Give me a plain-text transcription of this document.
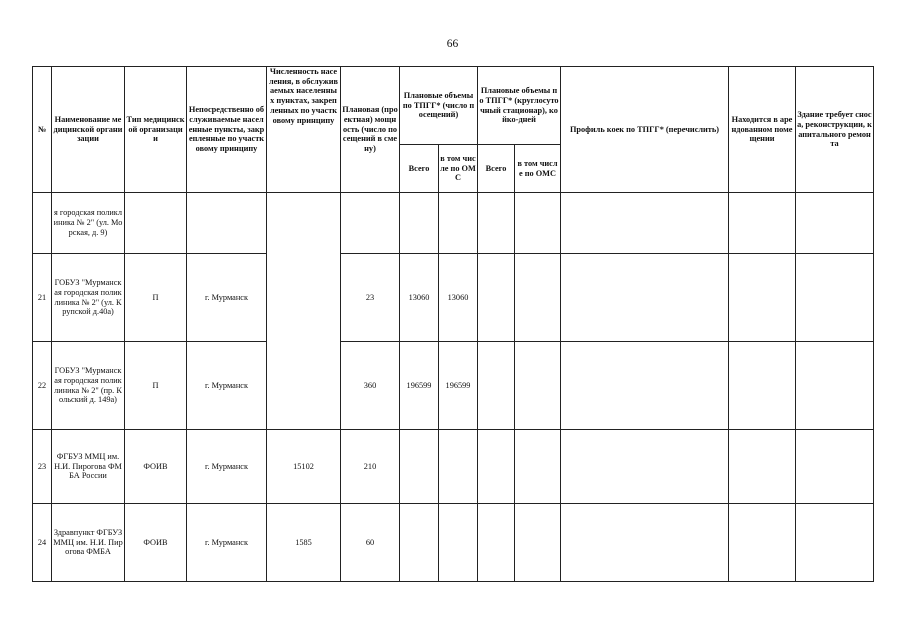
66
№	Наименование медицинской организации	Тип медицинской организации	Непосредственно обслуживаемые населенные пункты, закрепленные по участковому принципу	Численность населения, в обслуживаемых населенных пунктах, закрепленных по участковому принципу	Плановая (проектная) мощность (число посещений в смену)	Плановые объемы по ТПГГ* (число посещений)		Плановые объемы по ТПГГ* (круглосуточный стационар), койко-дней		Профиль коек по ТПГГ* (перечислить)	Находится в арендованном помещении	Здание требует сноса, реконструкции, капитального ремонта
						Всего	в том числе по ОМС	Всего	в том числе по ОМС			
	я городская поликлиника № 2" (ул. Морская, д. 9)											
21	ГОБУЗ "Мурманская городская поликлиника № 2" (ул. Крупской д.40а)	П	г. Мурманск		23	13060	13060					
22	ГОБУЗ "Мурманская городская поликлиника № 2" (пр. Кольский д. 149а)	П	г. Мурманск		360	196599	196599					
23	ФГБУЗ ММЦ им. Н.И. Пирогова ФМБА России	ФОИВ	г. Мурманск	15102	210							
24	Здравпункт ФГБУЗ ММЦ им. Н.И. Пирогова ФМБА	ФОИВ	г. Мурманск	1585	60							
